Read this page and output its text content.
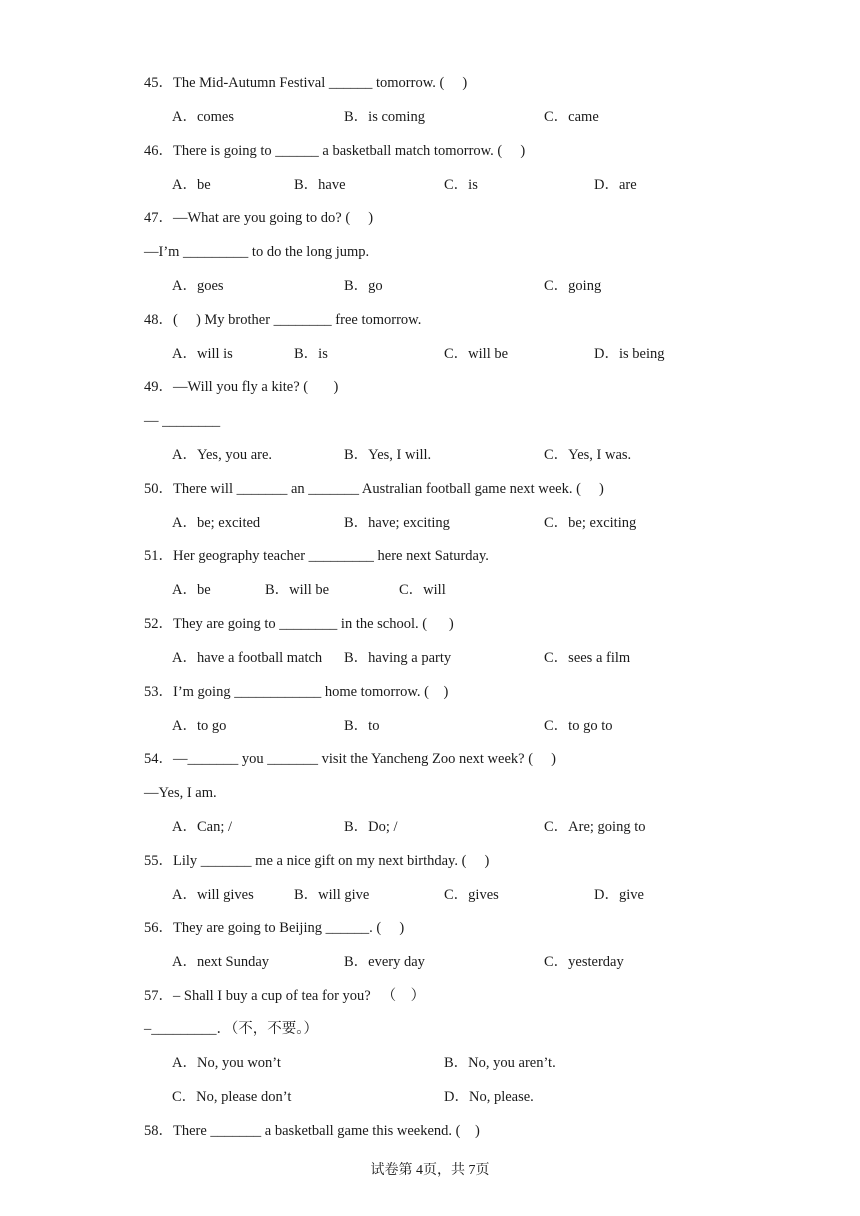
45．The Mid-Autumn Festival ______ tomorrow. (     )
A．comes	B．is coming	C．came
46．There is going to ______ a basketball match tomorrow. (     )
A．be	B．have	C．is	D．are
47．—What are you going to do? (     )
—I’m _________ to do the long jump.
A．goes	B．go	C．going
48．(     ) My brother ________ free tomorrow.
A．will is	B．is	C．will be	D．is being
49．—Will you fly a kite? (       )
— ________
A．Yes, you are.	B．Yes, I will.	C．Yes, I was.
50．There will _______ an _______ Australian football game next week. (     )
A．be; excited	B．have; exciting	C．be; exciting
51．Her geography teacher _________ here next Saturday.
A．be	B．will be	C．will
52．They are going to ________ in the school. (      )
A．have a football match B．having a party	C．sees a film
53．I’m going ____________ home tomorrow. (    )
A．to go	B．to	C．to go to
54．—_______ you _______ visit the Yancheng Zoo next week? (     )
—Yes, I am.
A．Can; /	B．Do; /	C．Are; going to
55．Lily _______ me a nice gift on my next birthday. (     )
A．will gives	B．will give	C．gives	D．give
56．They are going to Beijing ______. (     )
A．next Sunday	B．every day	C．yesterday
57．– Shall I buy a cup of tea for you?   （    ）
–_________．（不，不要。）
A．No, you won’t	B．No, you aren’t.
C．No, please don’t	D．No, please.
58．There _______ a basketball game this weekend. (    )
试卷第 4页，共 7页
